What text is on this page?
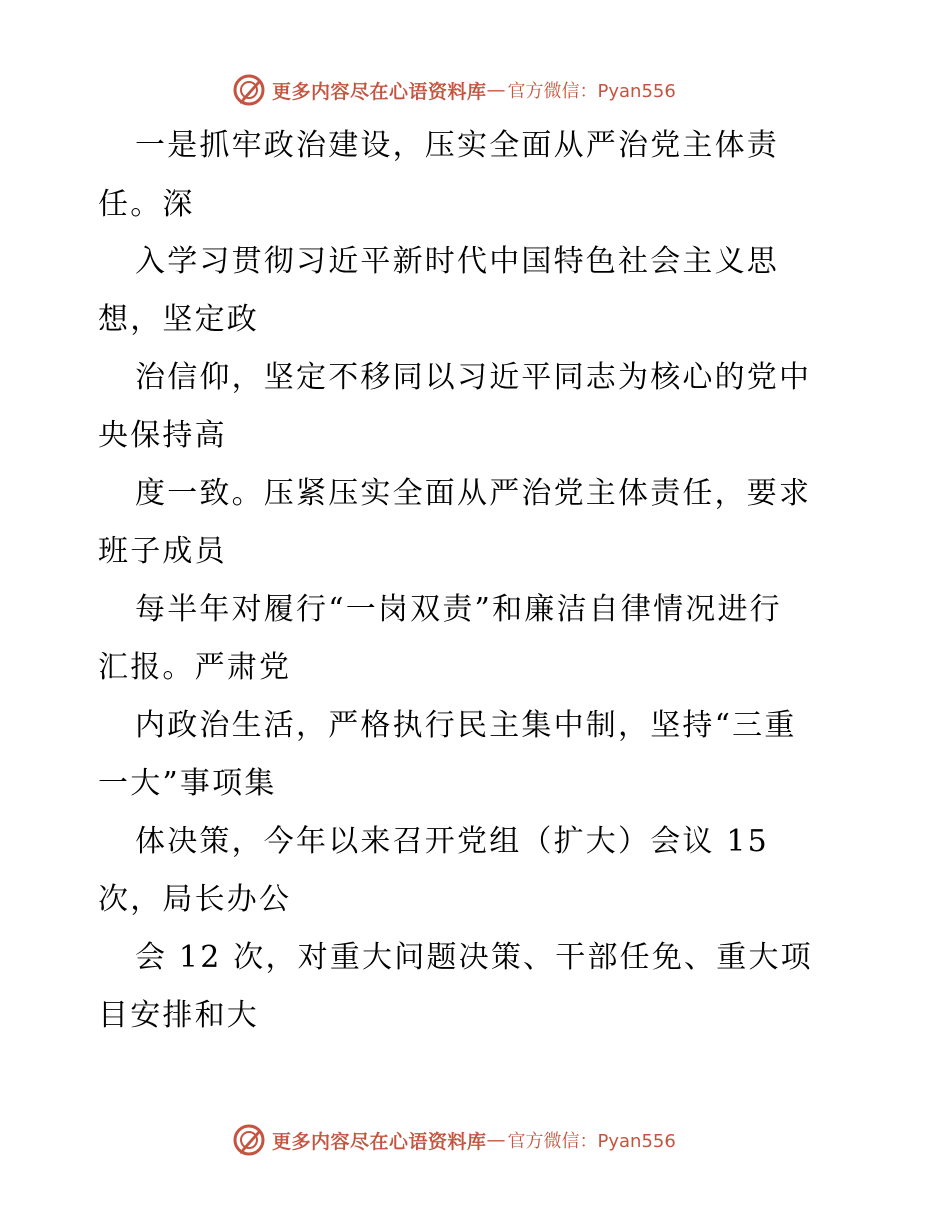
更多内容尽在心语资料库 — 官方微信：Pyan556
一是抓牢政治建设，压实全面从严治党主体责
任。深
入学习贯彻习近平新时代中国特色社会主义思
想，坚定政
治信仰，坚定不移同以习近平同志为核心的党中
央保持高
度一致。压紧压实全面从严治党主体责任，要求
班子成员
每半年对履行“一岗双责”和廉洁自律情况进行
汇报。严肃党
内政治生活，严格执行民主集中制，坚持“三重
一大”事项集
体决策，今年以来召开党组（扩大）会议 15
次，局长办公
会 12 次，对重大问题决策、干部任免、重大项
目安排和大
更多内容尽在心语资料库 — 官方微信：Pyan556
